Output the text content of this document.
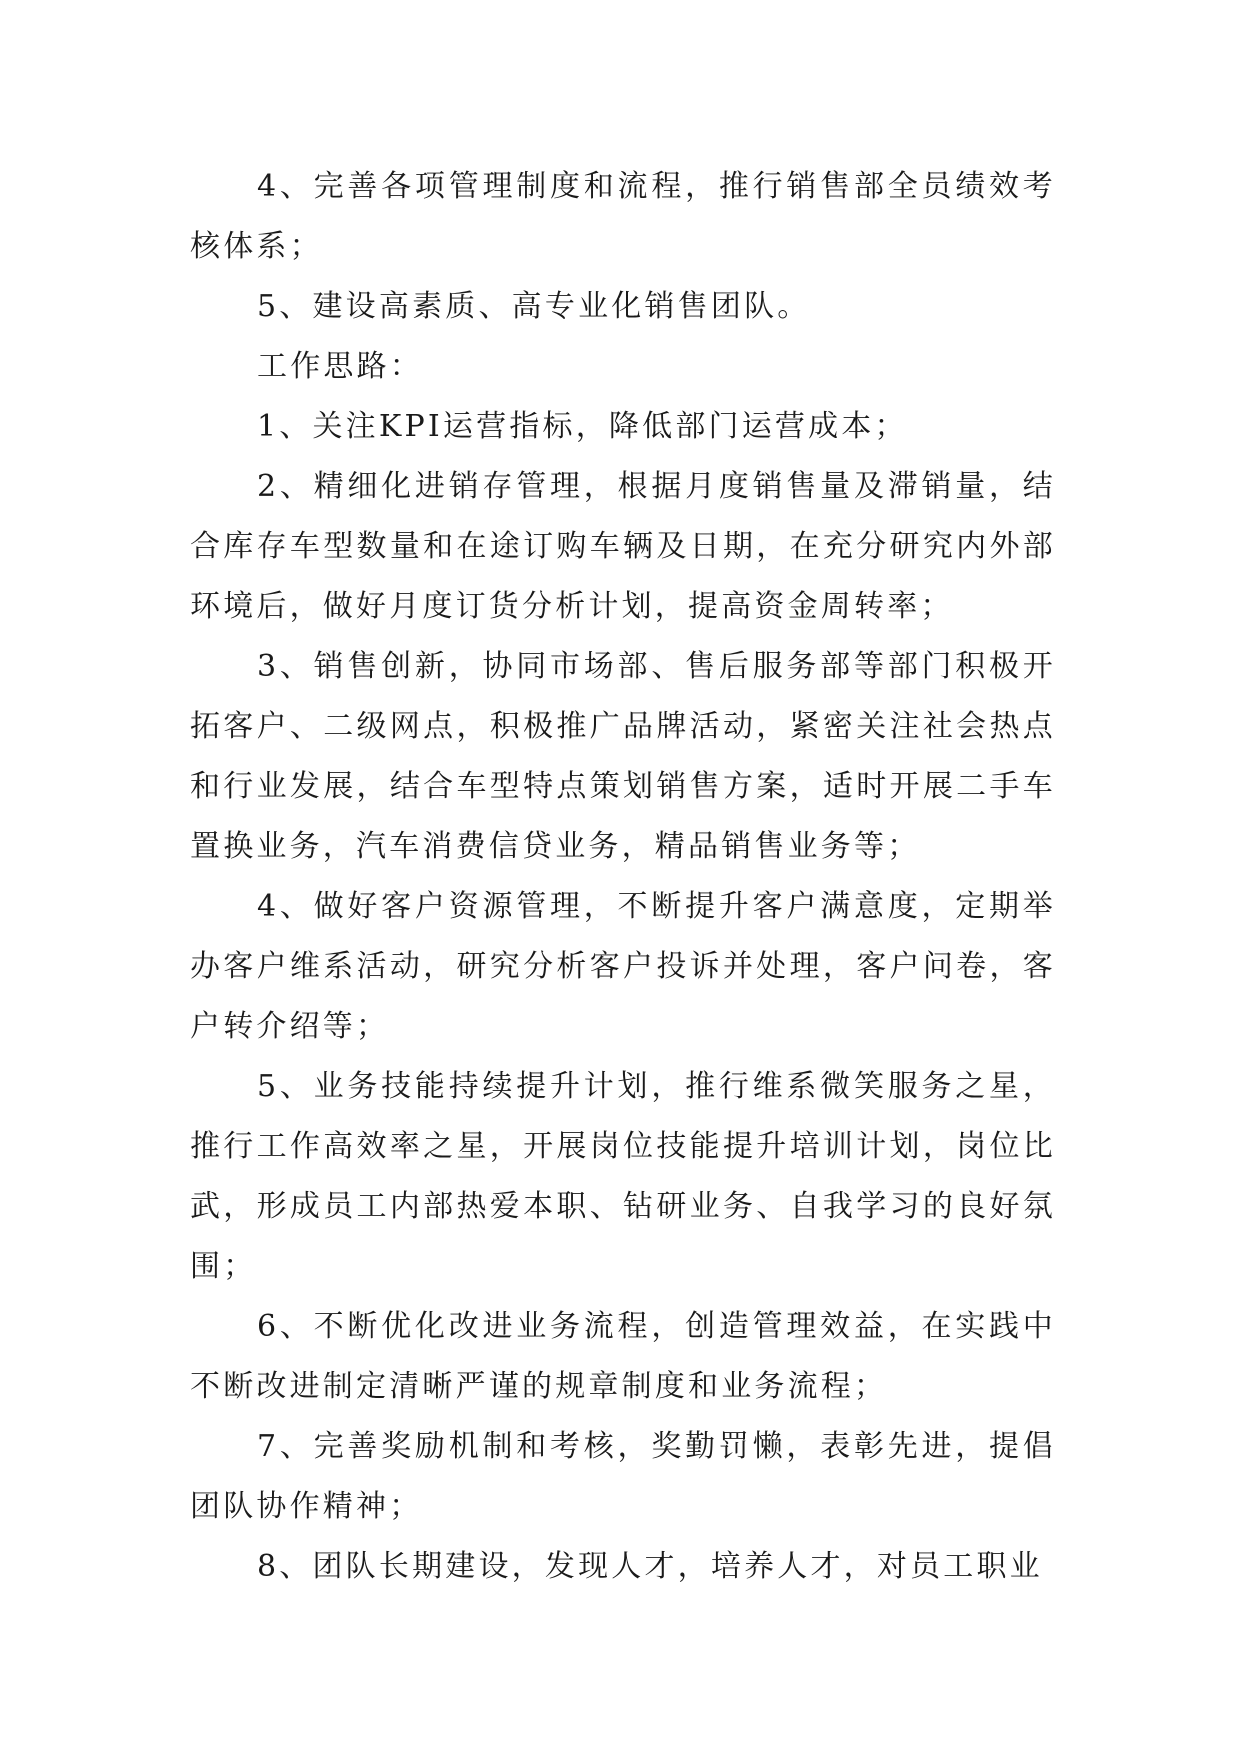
4、完善各项管理制度和流程，推行销售部全员绩效考核体系；

5、建设高素质、高专业化销售团队。

工作思路：

1、关注KPI运营指标，降低部门运营成本；

2、精细化进销存管理，根据月度销售量及滞销量，结合库存车型数量和在途订购车辆及日期，在充分研究内外部环境后，做好月度订货分析计划，提高资金周转率；

3、销售创新，协同市场部、售后服务部等部门积极开拓客户、二级网点，积极推广品牌活动，紧密关注社会热点和行业发展，结合车型特点策划销售方案，适时开展二手车置换业务，汽车消费信贷业务，精品销售业务等；

4、做好客户资源管理，不断提升客户满意度，定期举办客户维系活动，研究分析客户投诉并处理，客户问卷，客户转介绍等；

5、业务技能持续提升计划，推行维系微笑服务之星，推行工作高效率之星，开展岗位技能提升培训计划，岗位比武，形成员工内部热爱本职、钻研业务、自我学习的良好氛围；

6、不断优化改进业务流程，创造管理效益，在实践中不断改进制定清晰严谨的规章制度和业务流程；

7、完善奖励机制和考核，奖勤罚懒，表彰先进，提倡团队协作精神；

8、团队长期建设，发现人才，培养人才，对员工职业
